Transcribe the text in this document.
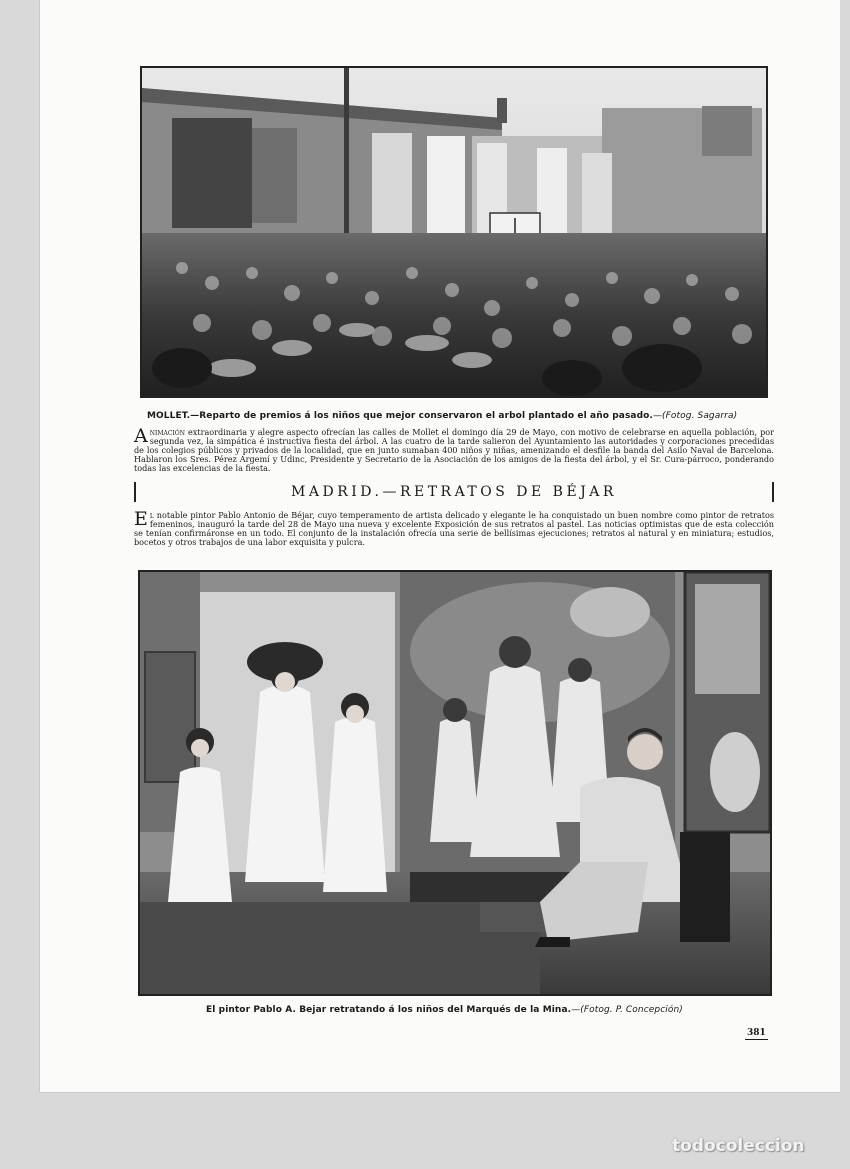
MOLLET.—Reparto de premios á los niños que mejor conservaron el arbol plantado el año pasado.—(Fotog. Sagarra)
Animación extraordinaria y alegre aspecto ofrecían las calles de Mollet el domingo día 29 de Mayo, con motivo de celebrarse en aquella población, por segunda vez, la simpática é instructiva fiesta del árbol. A las cuatro de la tarde salieron del Ayuntamiento las autoridades y corporaciones precedidas de los colegios públicos y privados de la localidad, que en junto sumaban 400 niños y niñas, amenizando el desfile la banda del Asilo Naval de Barcelona. Hablaron los Sres. Pérez Argemí y Udinc, Presidente y Secretario de la Asociación de los amigos de la fiesta del árbol, y el Sr. Cura-párroco, ponderando todas las excelencias de la fiesta.
MADRID.—RETRATOS DE BÉJAR
El notable pintor Pablo Antonio de Béjar, cuyo temperamento de artista delicado y elegante le ha conquistado un buen nombre como pintor de retratos femeninos, inauguró la tarde del 28 de Mayo una nueva y excelente Exposición de sus retratos al pastel. Las noticias optimistas que de esta colección se tenían confirmáronse en un todo. El conjunto de la instalación ofrecía una serie de bellísimas ejecuciones; retratos al natural y en miniatura; estudios, bocetos y otros trabajos de una labor exquisita y pulcra.
El pintor Pablo A. Bejar retratando á los niños del Marqués de la Mina.—(Fotog. P. Concepción)
381
todocoleccion
